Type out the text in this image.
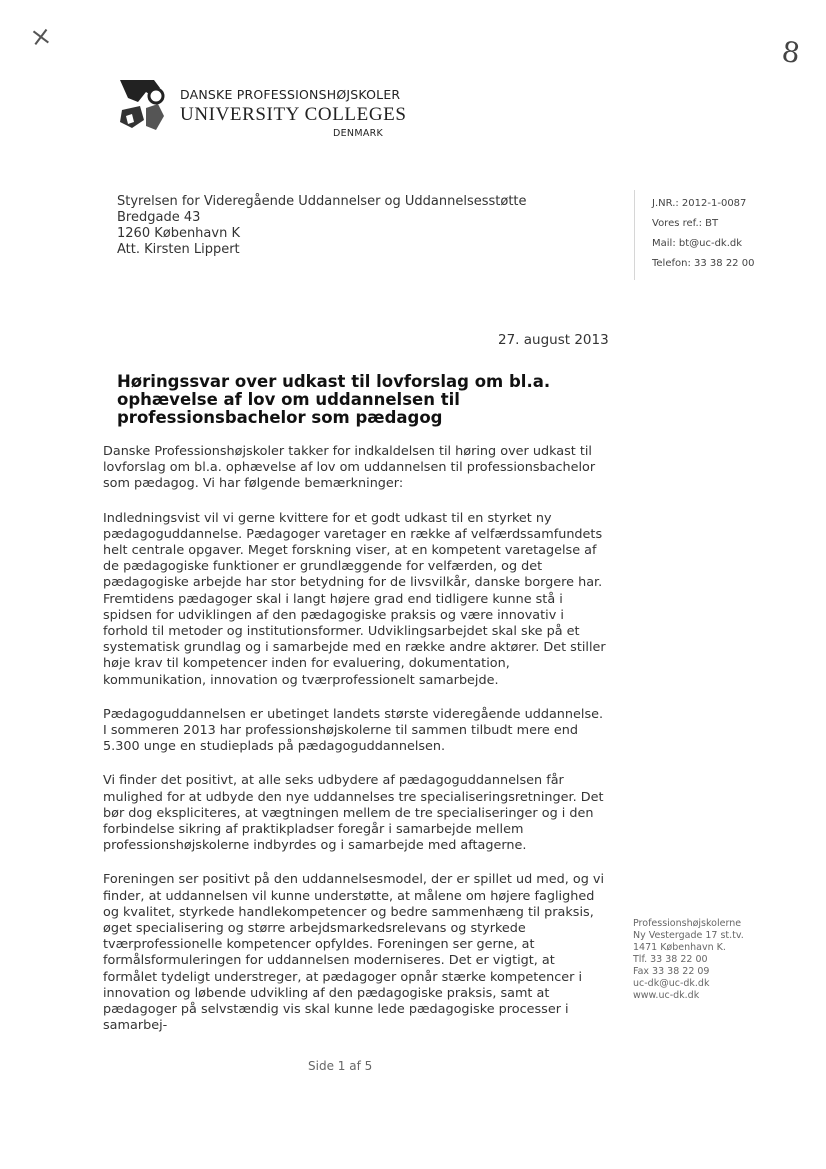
×	8
DANSKE PROFESSIONSHØJSKOLER
UNIVERSITY COLLEGES
DENMARK
Styrelsen for Videregående Uddannelser og Uddannelsesstøtte
Bredgade 43
1260 København K
Att. Kirsten Lippert
J.NR.: 2012-1-0087
Vores ref.: BT
Mail: bt@uc-dk.dk
Telefon: 33 38 22 00
27. august 2013
Høringssvar over udkast til lovforslag om bl.a. ophævelse af lov om uddannelsen til professionsbachelor som pædagog

Danske Professionshøjskoler takker for indkaldelsen til høring over udkast til lovforslag om bl.a. ophævelse af lov om uddannelsen til professionsbachelor som pædagog. Vi har følgende bemærkninger:

Indledningsvist vil vi gerne kvittere for et godt udkast til en styrket ny pædagoguddannelse. Pædagoger varetager en række af velfærdssamfundets helt centrale opgaver. Meget forskning viser, at en kompetent varetagelse af de pædagogiske funktioner er grundlæggende for velfærden, og det pædagogiske arbejde har stor betydning for de livsvilkår, danske borgere har. Fremtidens pædagoger skal i langt højere grad end tidligere kunne stå i spidsen for udviklingen af den pædagogiske praksis og være innovativ i forhold til metoder og institutionsformer. Udviklingsarbejdet skal ske på et systematisk grundlag og i samarbejde med en række andre aktører. Det stiller høje krav til kompetencer inden for evaluering, dokumentation, kommunikation, innovation og tværprofessionelt samarbejde.

Pædagoguddannelsen er ubetinget landets største videregående uddannelse. I sommeren 2013 har professionshøjskolerne til sammen tilbudt mere end 5.300 unge en studieplads på pædagoguddannelsen.

Vi finder det positivt, at alle seks udbydere af pædagoguddannelsen får mulighed for at udbyde den nye uddannelses tre specialiseringsretninger. Det bør dog ekspliciteres, at vægtningen mellem de tre specialiseringer og i den forbindelse sikring af praktikpladser foregår i samarbejde mellem professionshøjskolerne indbyrdes og i samarbejde med aftagerne.

Foreningen ser positivt på den uddannelsesmodel, der er spillet ud med, og vi finder, at uddannelsen vil kunne understøtte, at målene om højere faglighed og kvalitet, styrkede handlekompetencer og bedre sammenhæng til praksis, øget specialisering og større arbejdsmarkedsrelevans og styrkede tværprofessionelle kompetencer opfyldes. Foreningen ser gerne, at formålsformuleringen for uddannelsen moderniseres. Det er vigtigt, at formålet tydeligt understreger, at pædagoger opnår stærke kompetencer i innovation og løbende udvikling af den pædagogiske praksis, samt at pædagoger på selvstændig vis skal kunne lede pædagogiske processer i samarbej-

Professionshøjskolerne
Ny Vestergade 17 st.tv.
1471 København K.
Tlf. 33 38 22 00
Fax 33 38 22 09
uc-dk@uc-dk.dk
www.uc-dk.dk
Side 1 af 5
